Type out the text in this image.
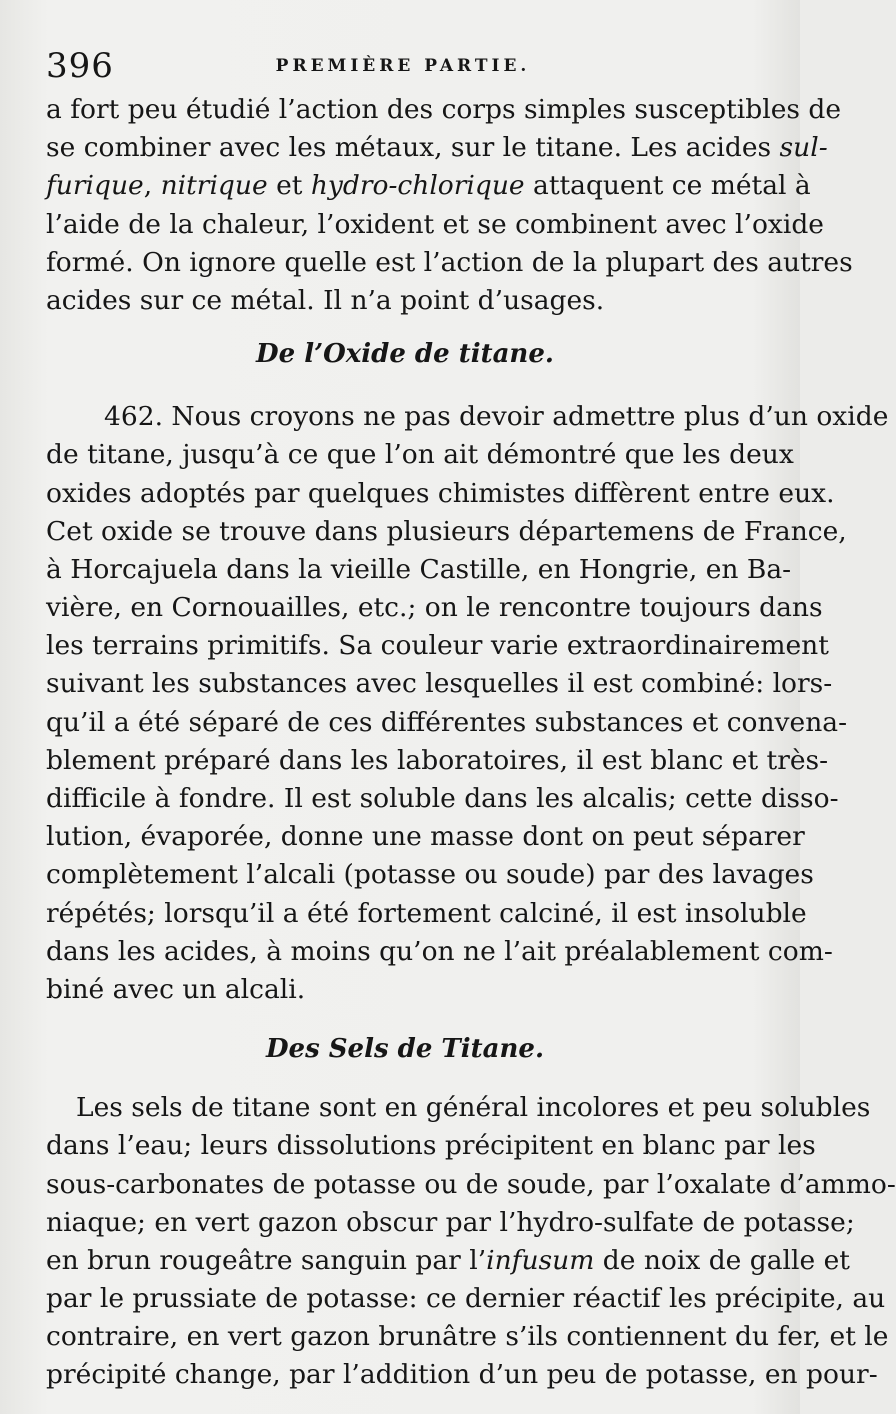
396	PREMIÈRE PARTIE.
a fort peu étudié l’action des corps simples susceptibles de
se combiner avec les métaux, sur le titane. Les acides sul-
furique, nitrique et hydro-chlorique attaquent ce métal à
l’aide de la chaleur, l’oxident et se combinent avec l’oxide
formé. On ignore quelle est l’action de la plupart des autres
acides sur ce métal. Il n’a point d’usages.
De l’Oxide de titane.
462. Nous croyons ne pas devoir admettre plus d’un oxide
de titane, jusqu’à ce que l’on ait démontré que les deux
oxides adoptés par quelques chimistes diffèrent entre eux.
Cet oxide se trouve dans plusieurs départemens de France,
à Horcajuela dans la vieille Castille, en Hongrie, en Ba-
vière, en Cornouailles, etc.; on le rencontre toujours dans
les terrains primitifs. Sa couleur varie extraordinairement
suivant les substances avec lesquelles il est combiné: lors-
qu’il a été séparé de ces différentes substances et convena-
blement préparé dans les laboratoires, il est blanc et très-
difficile à fondre. Il est soluble dans les alcalis; cette disso-
lution, évaporée, donne une masse dont on peut séparer
complètement l’alcali (potasse ou soude) par des lavages
répétés; lorsqu’il a été fortement calciné, il est insoluble
dans les acides, à moins qu’on ne l’ait préalablement com-
biné avec un alcali.
Des Sels de Titane.
Les sels de titane sont en général incolores et peu solubles
dans l’eau; leurs dissolutions précipitent en blanc par les
sous-carbonates de potasse ou de soude, par l’oxalate d’ammo-
niaque; en vert gazon obscur par l’hydro-sulfate de potasse;
en brun rougeâtre sanguin par l’infusum de noix de galle et
par le prussiate de potasse: ce dernier réactif les précipite, au
contraire, en vert gazon brunâtre s’ils contiennent du fer, et le
précipité change, par l’addition d’un peu de potasse, en pour-
